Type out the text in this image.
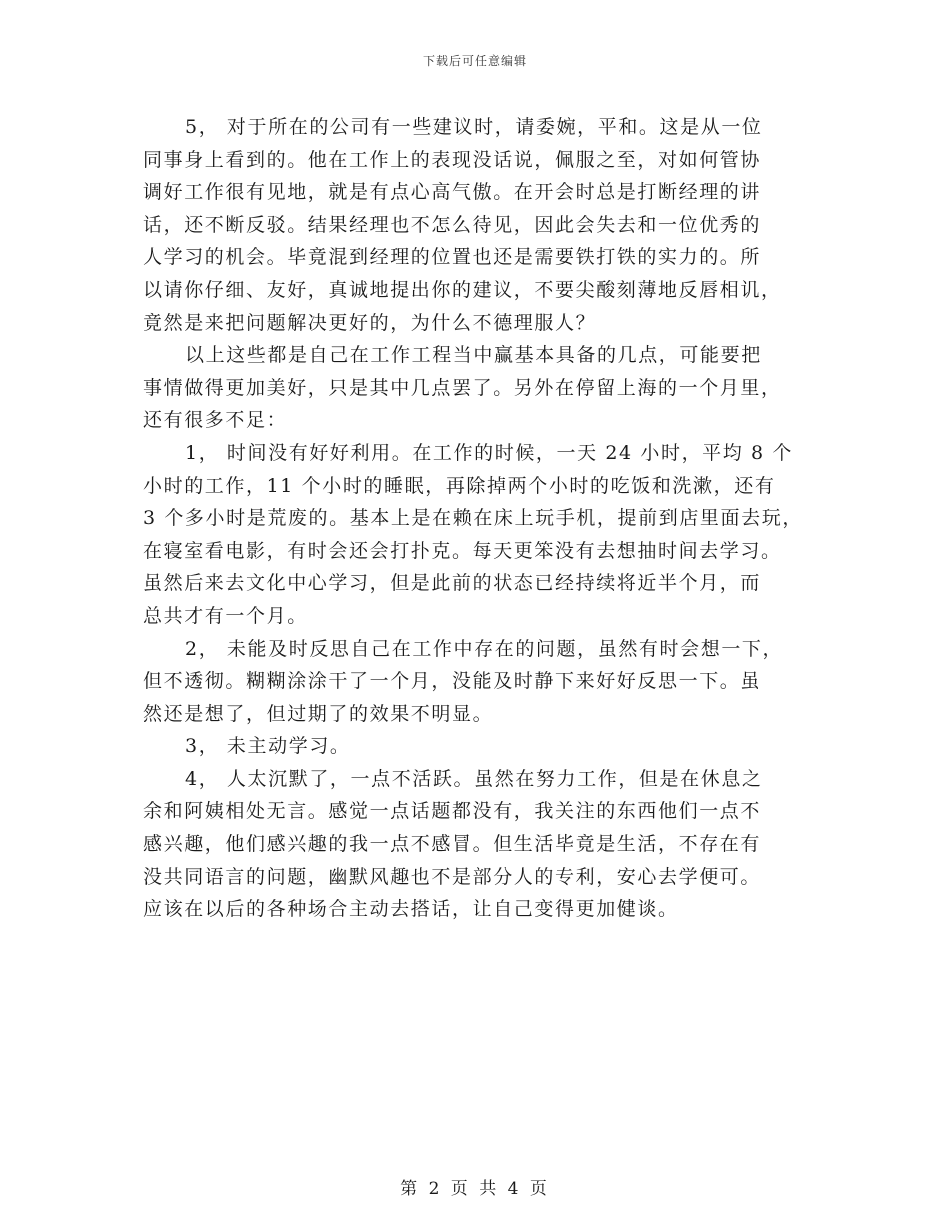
下载后可任意编辑
5， 对于所在的公司有一些建议时，请委婉，平和。这是从一位
同事身上看到的。他在工作上的表现没话说，佩服之至，对如何管协
调好工作很有见地，就是有点心高气傲。在开会时总是打断经理的讲
话，还不断反驳。结果经理也不怎么待见，因此会失去和一位优秀的
人学习的机会。毕竟混到经理的位置也还是需要铁打铁的实力的。所
以请你仔细、友好，真诚地提出你的建议，不要尖酸刻薄地反唇相讥，
竟然是来把问题解决更好的，为什么不德理服人？
以上这些都是自己在工作工程当中赢基本具备的几点，可能要把
事情做得更加美好，只是其中几点罢了。另外在停留上海的一个月里，
还有很多不足：
1， 时间没有好好利用。在工作的时候，一天 24 小时，平均 8 个
小时的工作，11 个小时的睡眠，再除掉两个小时的吃饭和洗漱，还有
3 个多小时是荒废的。基本上是在赖在床上玩手机，提前到店里面去玩，
在寝室看电影，有时会还会打扑克。每天更笨没有去想抽时间去学习。
虽然后来去文化中心学习，但是此前的状态已经持续将近半个月，而
总共才有一个月。
2， 未能及时反思自己在工作中存在的问题，虽然有时会想一下，
但不透彻。糊糊涂涂干了一个月，没能及时静下来好好反思一下。虽
然还是想了，但过期了的效果不明显。
3， 未主动学习。
4， 人太沉默了，一点不活跃。虽然在努力工作，但是在休息之
余和阿姨相处无言。感觉一点话题都没有，我关注的东西他们一点不
感兴趣，他们感兴趣的我一点不感冒。但生活毕竟是生活，不存在有
没共同语言的问题，幽默风趣也不是部分人的专利，安心去学便可。
应该在以后的各种场合主动去搭话，让自己变得更加健谈。
第 2 页 共 4 页
